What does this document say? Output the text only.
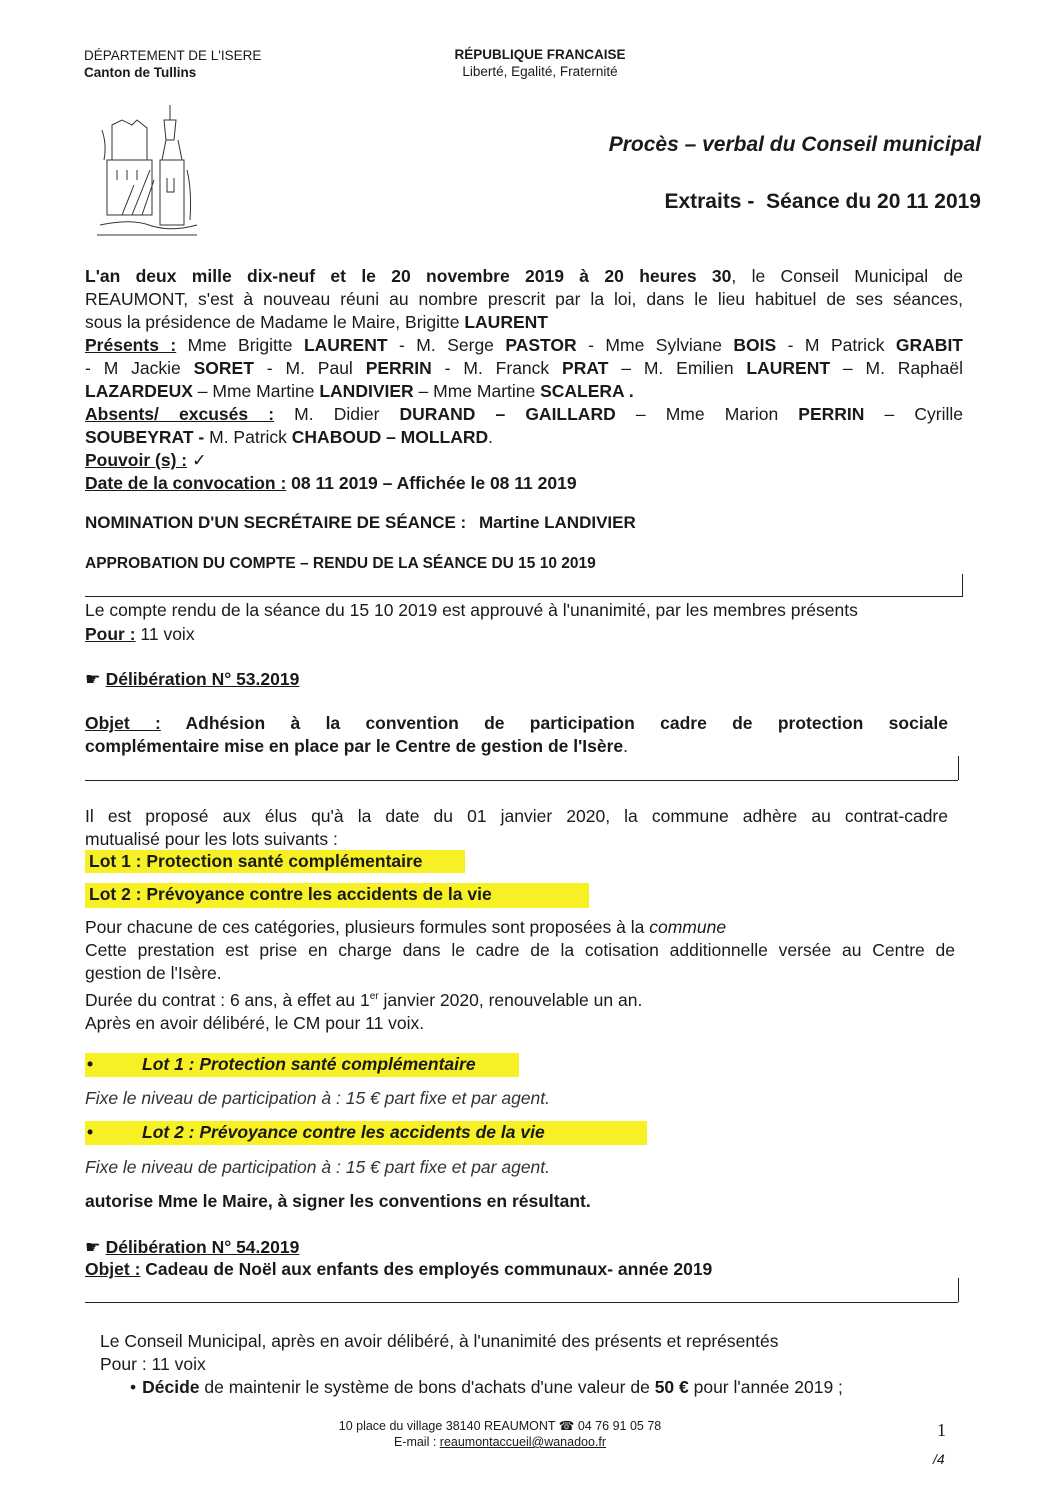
DÉPARTEMENT DE L'ISERE
Canton de Tullins
RÉPUBLIQUE FRANCAISE
Liberté, Egalité, Fraternité
Procès – verbal du Conseil municipal
Extraits - Séance du 20 11 2019
L'an deux mille dix-neuf et le 20 novembre 2019 à 20 heures 30, le Conseil Municipal de
REAUMONT, s'est à nouveau réuni au nombre prescrit par la loi, dans le lieu habituel de ses séances,
sous la présidence de Madame le Maire, Brigitte LAURENT
Présents : Mme Brigitte LAURENT - M. Serge PASTOR - Mme Sylviane BOIS - M Patrick GRABIT
- M Jackie SORET - M. Paul PERRIN - M. Franck PRAT – M. Emilien LAURENT – M. Raphaël
LAZARDEUX – Mme Martine LANDIVIER – Mme Martine SCALERA .
Absents/ excusés : M. Didier DURAND – GAILLARD – Mme Marion PERRIN – Cyrille
SOUBEYRAT - M. Patrick CHABOUD – MOLLARD.
Pouvoir (s) : ✓
Date de la convocation : 08 11 2019 – Affichée le 08 11 2019
NOMINATION D'UN SECRÉTAIRE DE SÉANCE : Martine LANDIVIER
APPROBATION DU COMPTE – RENDU DE LA SÉANCE DU 15 10 2019
Le compte rendu de la séance du 15 10 2019 est approuvé à l'unanimité, par les membres présents
Pour : 11 voix
☛ Délibération N° 53.2019
Objet : Adhésion à la convention de participation cadre de protection sociale
complémentaire mise en place par le Centre de gestion de l'Isère.
Il est proposé aux élus qu'à la date du 01 janvier 2020, la commune adhère au contrat-cadre
mutualisé pour les lots suivants :
Lot 1 : Protection santé complémentaire
Lot 2 : Prévoyance contre les accidents de la vie
Pour chacune de ces catégories, plusieurs formules sont proposées à la commune
Cette prestation est prise en charge dans le cadre de la cotisation additionnelle versée au Centre de
gestion de l'Isère.
Durée du contrat : 6 ans, à effet au 1er janvier 2020, renouvelable un an.
Après en avoir délibéré, le CM pour 11 voix.
•	Lot 1 : Protection santé complémentaire
Fixe le niveau de participation à : 15 € part fixe et par agent.
•	Lot 2 : Prévoyance contre les accidents de la vie
Fixe le niveau de participation à : 15 € part fixe et par agent.
autorise Mme le Maire, à signer les conventions en résultant.
☛ Délibération N° 54.2019
Objet : Cadeau de Noël aux enfants des employés communaux- année 2019
Le Conseil Municipal, après en avoir délibéré, à l'unanimité des présents et représentés
Pour : 11 voix
• Décide de maintenir le système de bons d'achats d'une valeur de 50 € pour l'année 2019 ;
10 place du village 38140 REAUMONT ☎ 04 76 91 05 78
E-mail : reaumontaccueil@wanadoo.fr
1
/4
